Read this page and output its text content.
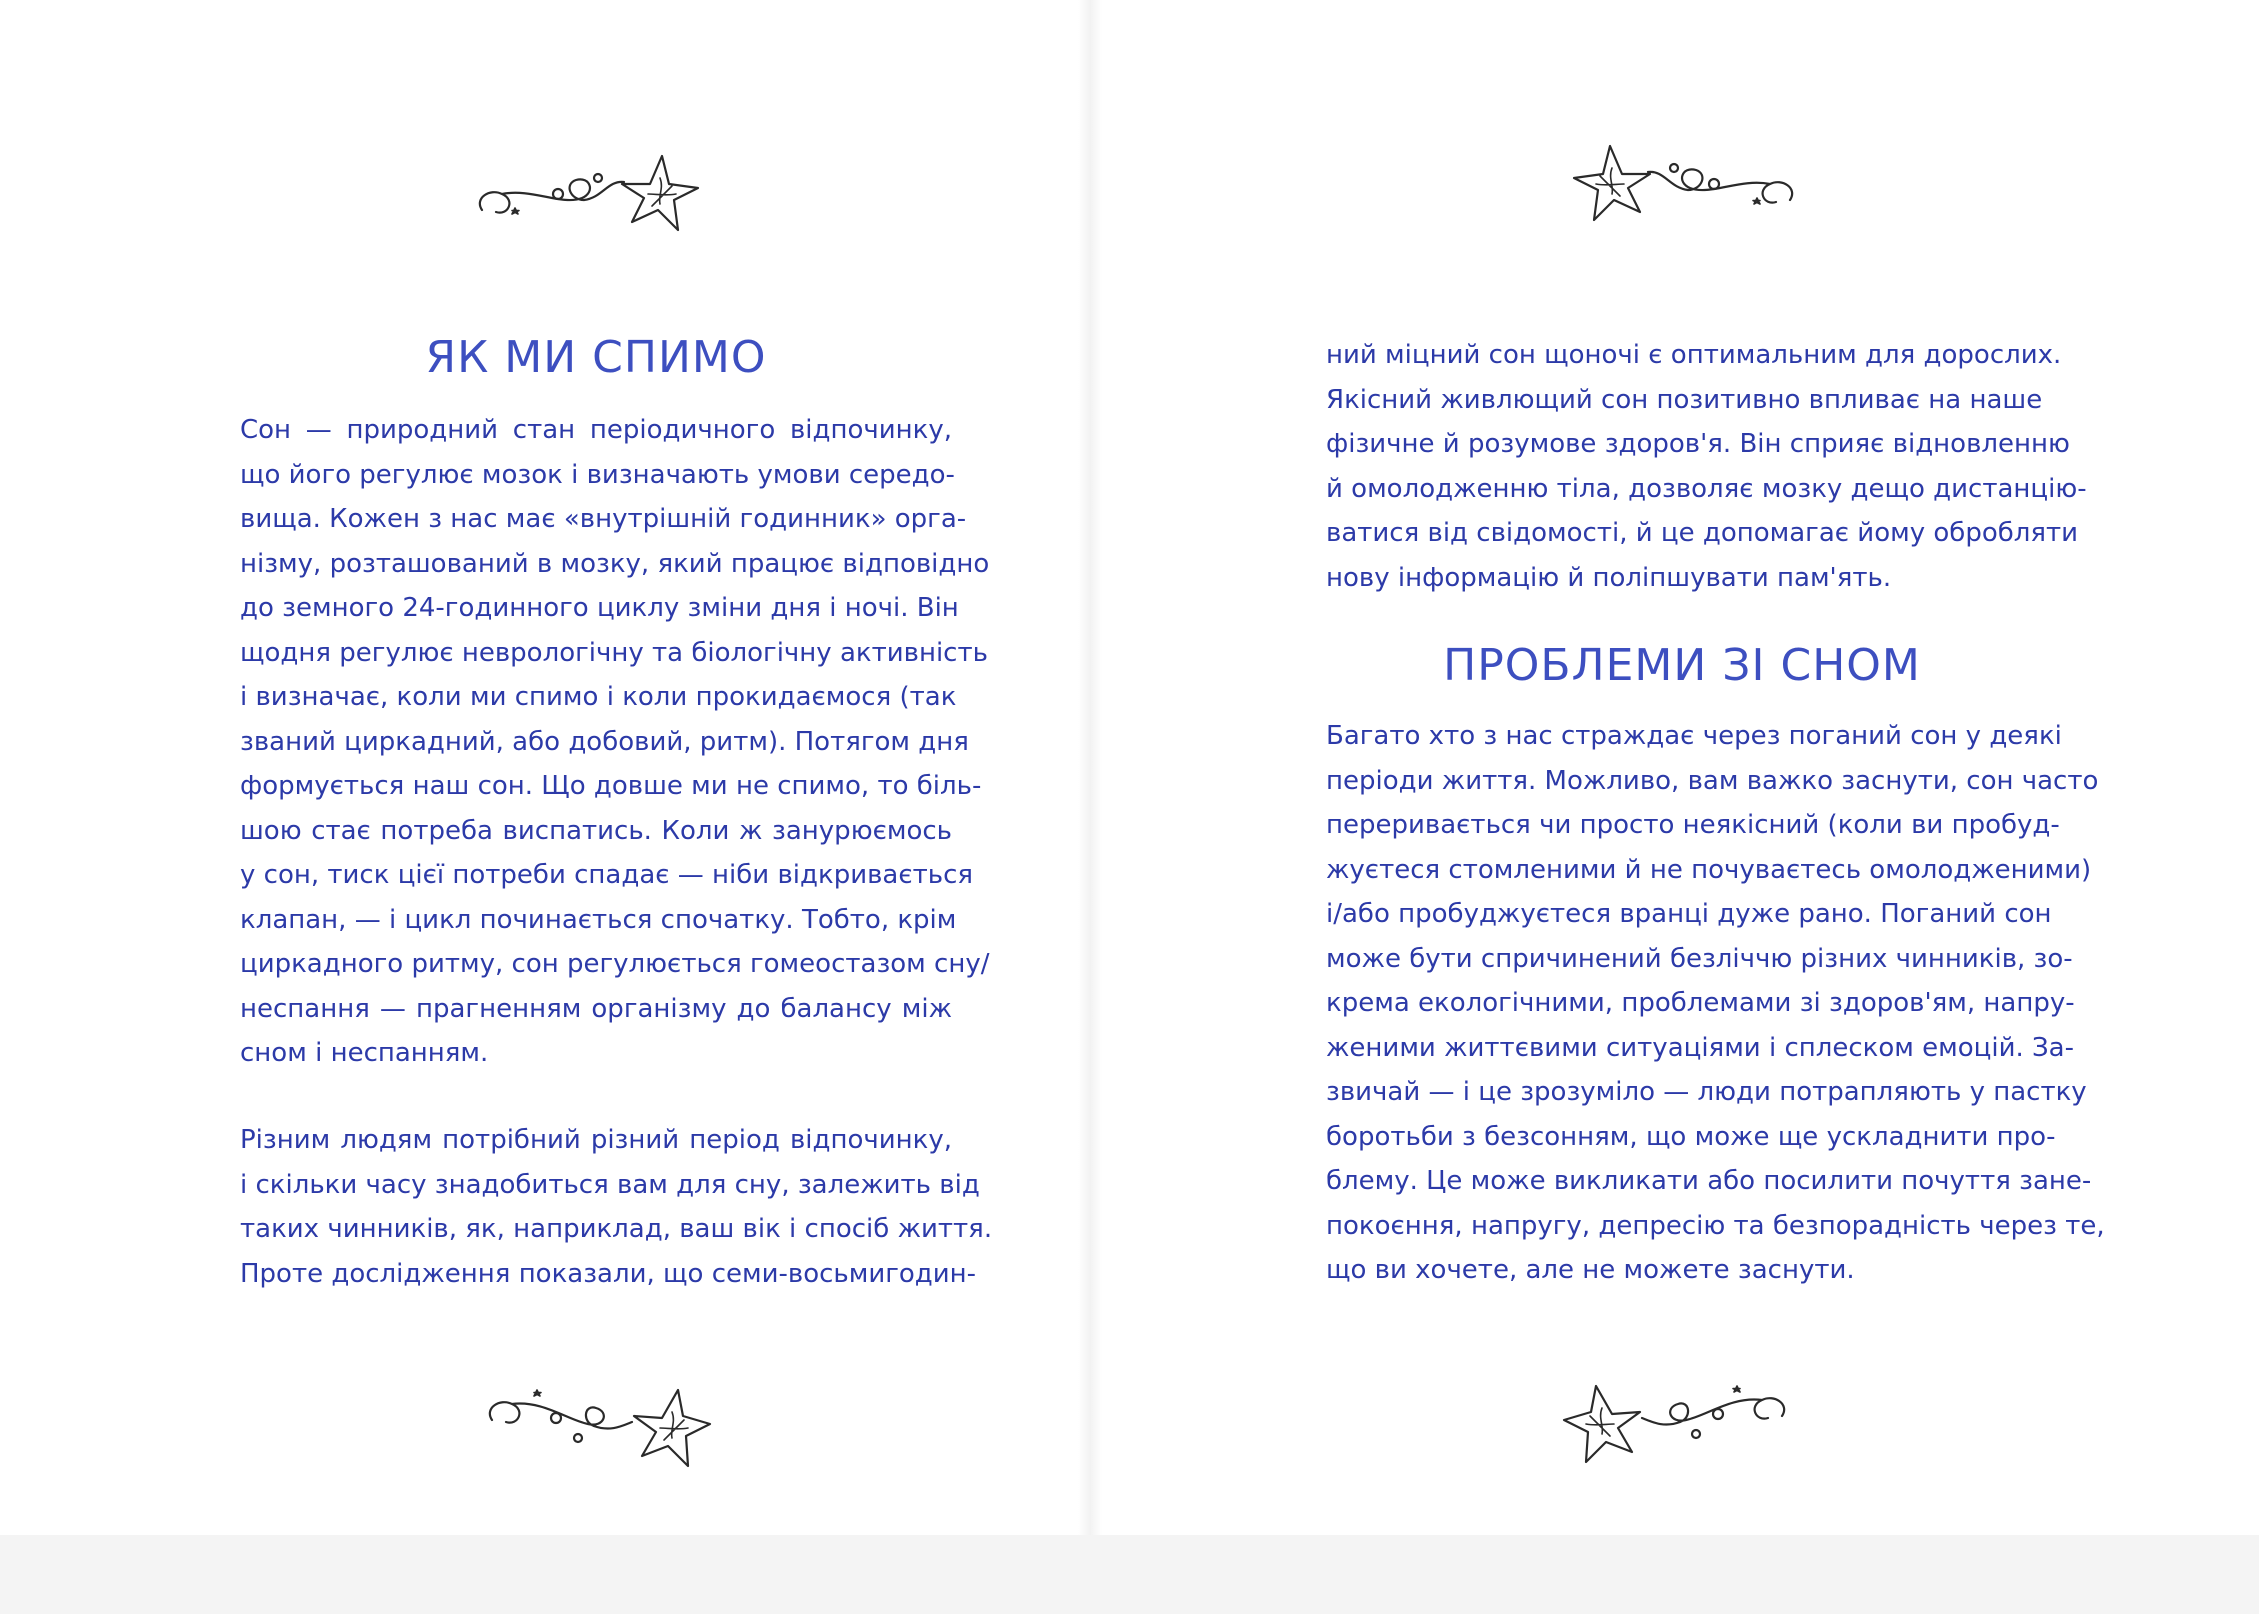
ЯК МИ СПИМО
Сон — природний стан періодичного відпочинку,
що його регулює мозок і визначають умови середо-
вища. Кожен з нас має «внутрішній годинник» орга-
нізму, розташований в мозку, який працює відповідно
до земного 24-годинного циклу зміни дня і ночі. Він
щодня регулює неврологічну та біологічну активність
і визначає, коли ми спимо і коли прокидаємося (так
званий циркадний, або добовий, ритм). Потягом дня
формується наш сон. Що довше ми не спимо, то біль-
шою стає потреба виспатись. Коли ж занурюємось
у сон, тиск цієї потреби спадає — ніби відкривається
клапан, — і цикл починається спочатку. Тобто, крім
циркадного ритму, сон регулюється гомеостазом сну/
неспання — прагненням організму до балансу між
сном і неспанням.
Різним людям потрібний різний період відпочинку,
і скільки часу знадобиться вам для сну, залежить від
таких чинників, як, наприклад, ваш вік і спосіб життя.
Проте дослідження показали, що семи-восьмигодин-
ний міцний сон щоночі є оптимальним для дорослих.
Якісний живлющий сон позитивно впливає на наше
фізичне й розумове здоров'я. Він сприяє відновленню
й омолодженню тіла, дозволяє мозку дещо дистанцію-
ватися від свідомості, й це допомагає йому обробляти
нову інформацію й поліпшувати пам'ять.
ПРОБЛЕМИ ЗІ СНОМ
Багато хто з нас страждає через поганий сон у деякі
періоди життя. Можливо, вам важко заснути, сон часто
переривається чи просто неякісний (коли ви пробуд-
жуєтеся стомленими й не почуваєтесь омолодженими)
і/або пробуджуєтеся вранці дуже рано. Поганий сон
може бути спричинений безліччю різних чинників, зо-
крема екологічними, проблемами зі здоров'ям, напру-
женими життєвими ситуаціями і сплеском емоцій. За-
звичай — і це зрозуміло — люди потрапляють у пастку
боротьби з безсонням, що може ще ускладнити про-
блему. Це може викликати або посилити почуття зане-
покоєння, напругу, депресію та безпорадність через те,
що ви хочете, але не можете заснути.
